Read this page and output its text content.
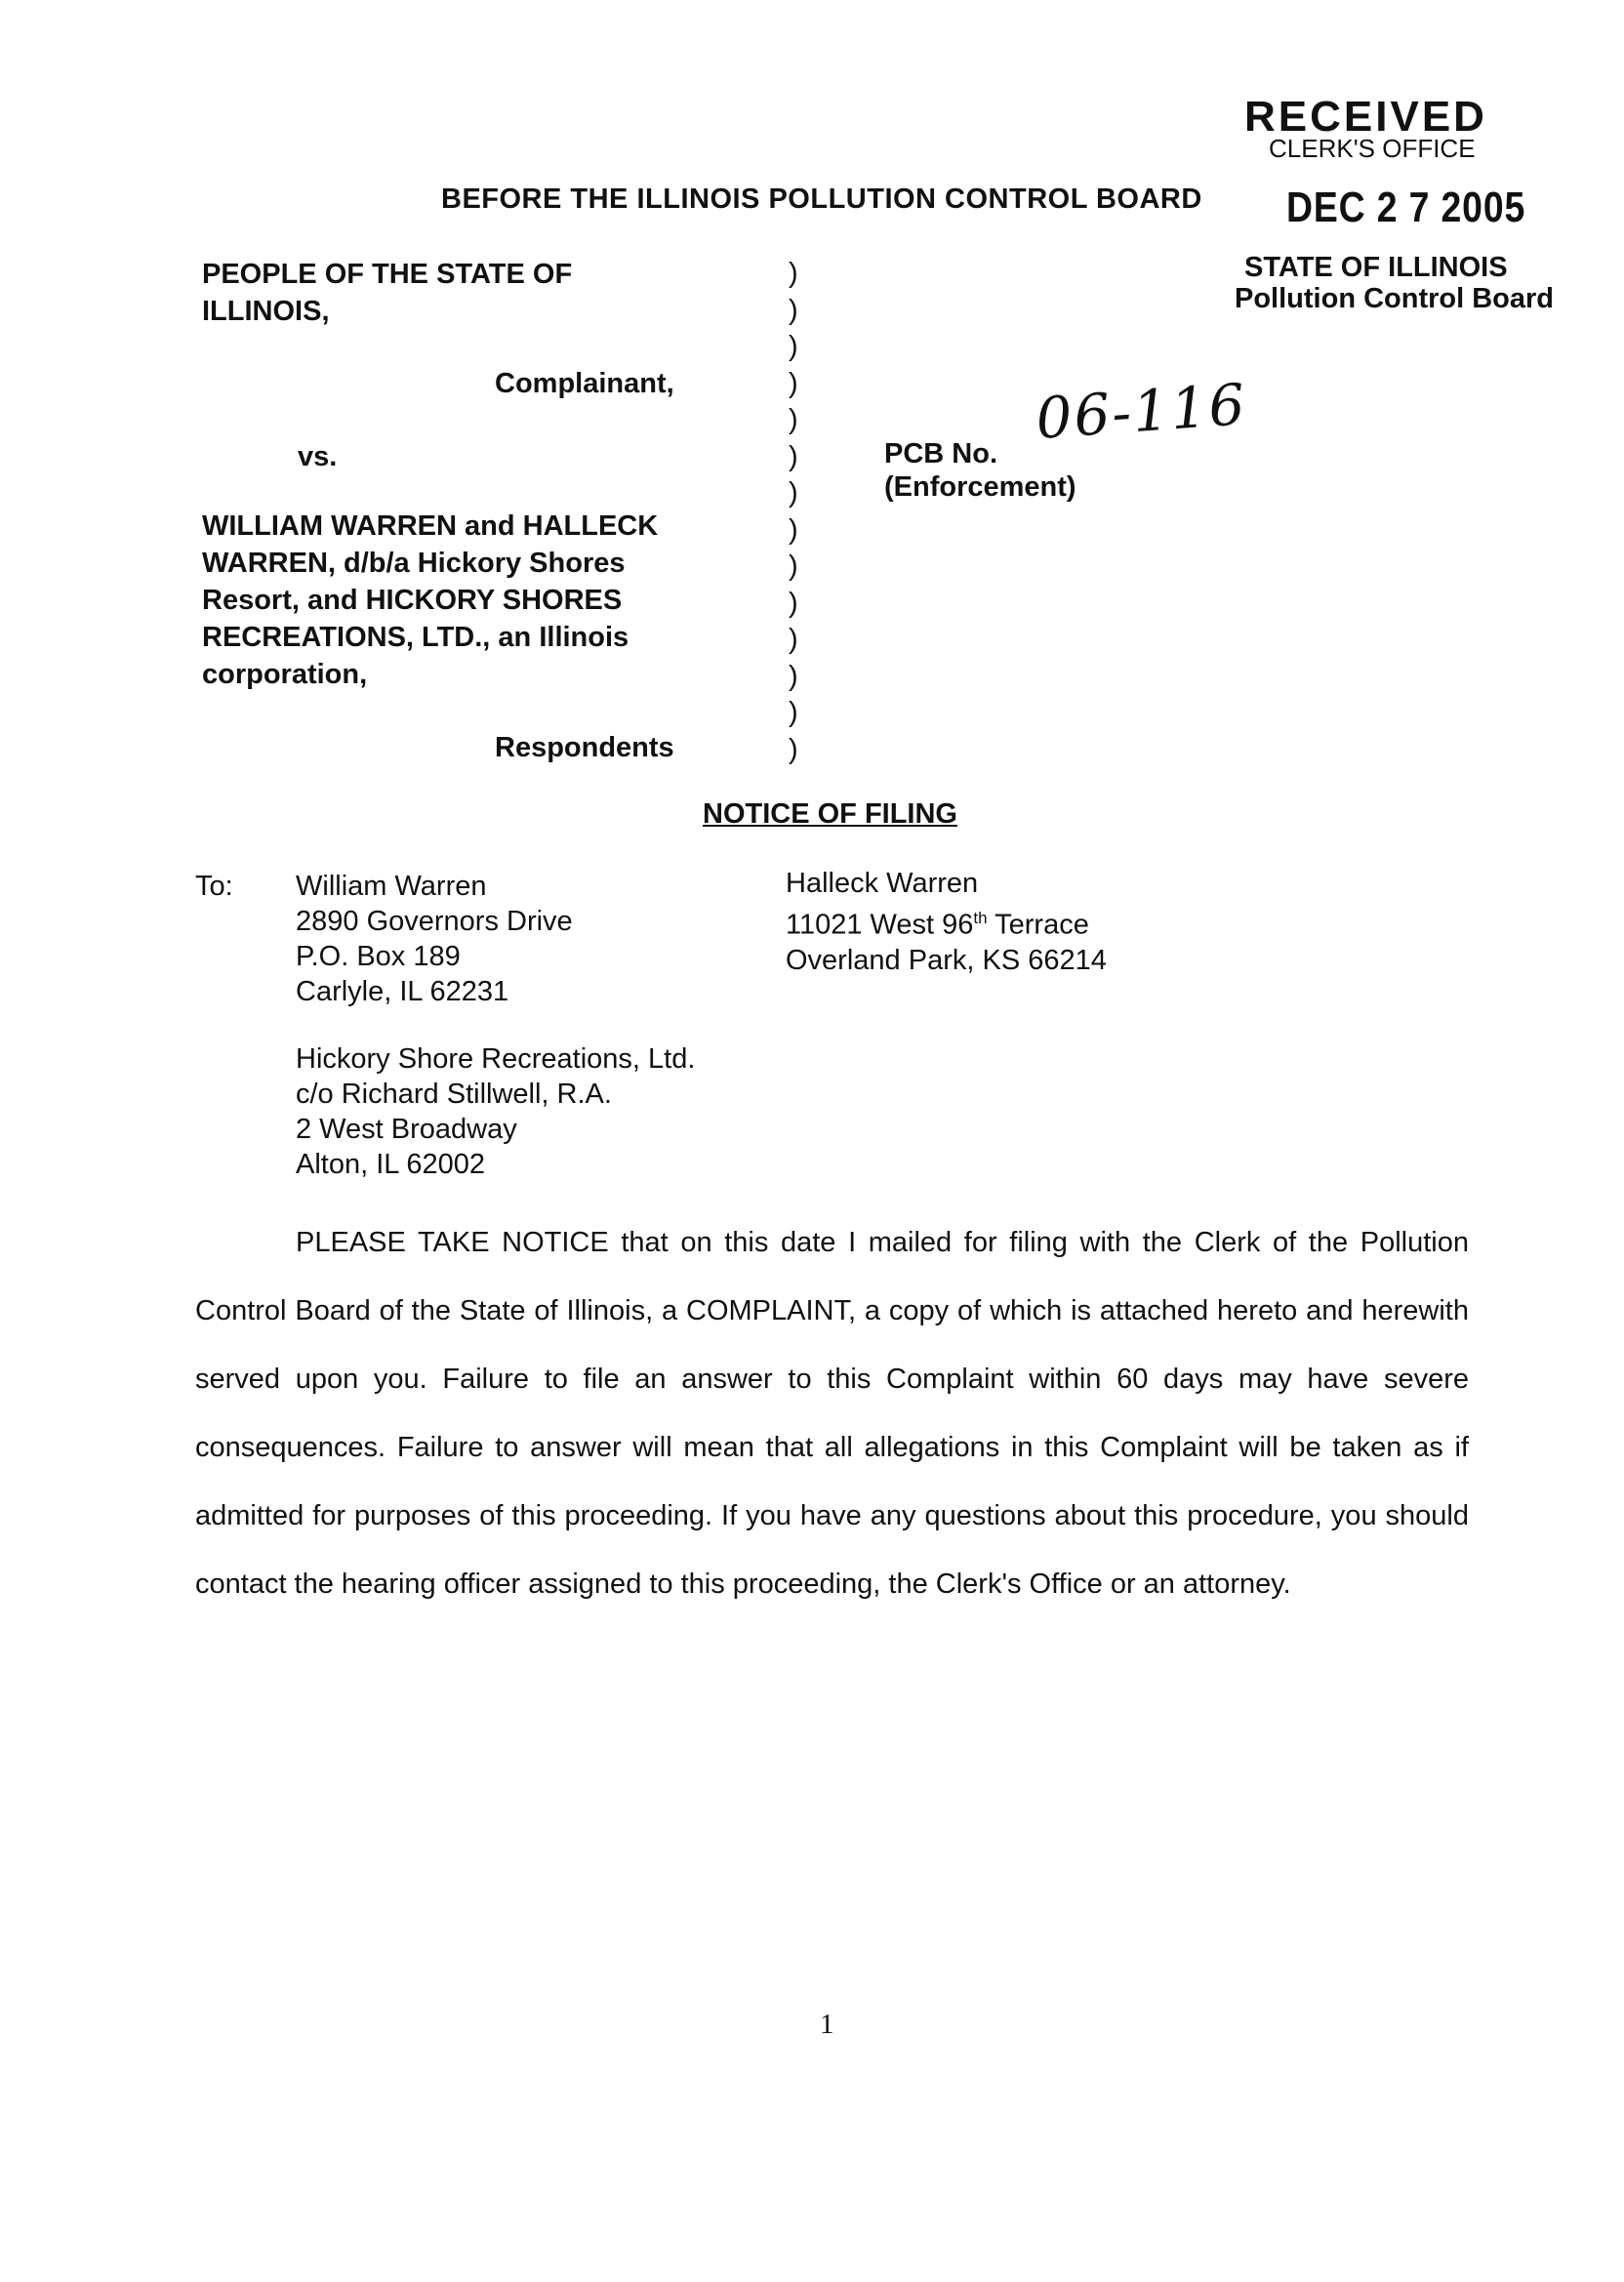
RECEIVED
CLERK'S OFFICE
DEC 2 7 2005
STATE OF ILLINOIS
Pollution Control Board
BEFORE THE ILLINOIS POLLUTION CONTROL BOARD
PEOPLE OF THE STATE OF
ILLINOIS,
Complainant,
vs.
WILLIAM WARREN and HALLECK
WARREN, d/b/a Hickory Shores
Resort, and HICKORY SHORES
RECREATIONS, LTD., an Illinois
corporation,
Respondents
)
)
)
)
)
)
)
)
)
)
)
)
)
)
PCB No.
06-116
(Enforcement)
NOTICE OF FILING
To: William Warren
2890 Governors Drive
P.O. Box 189
Carlyle, IL 62231
Halleck Warren
11021 West 96th Terrace
Overland Park, KS 66214
Hickory Shore Recreations, Ltd.
c/o Richard Stillwell, R.A.
2 West Broadway
Alton, IL 62002
PLEASE TAKE NOTICE that on this date I mailed for filing with the Clerk of the Pollution Control Board of the State of Illinois, a COMPLAINT, a copy of which is attached hereto and herewith served upon you. Failure to file an answer to this Complaint within 60 days may have severe consequences. Failure to answer will mean that all allegations in this Complaint will be taken as if admitted for purposes of this proceeding. If you have any questions about this procedure, you should contact the hearing officer assigned to this proceeding, the Clerk's Office or an attorney.
1
